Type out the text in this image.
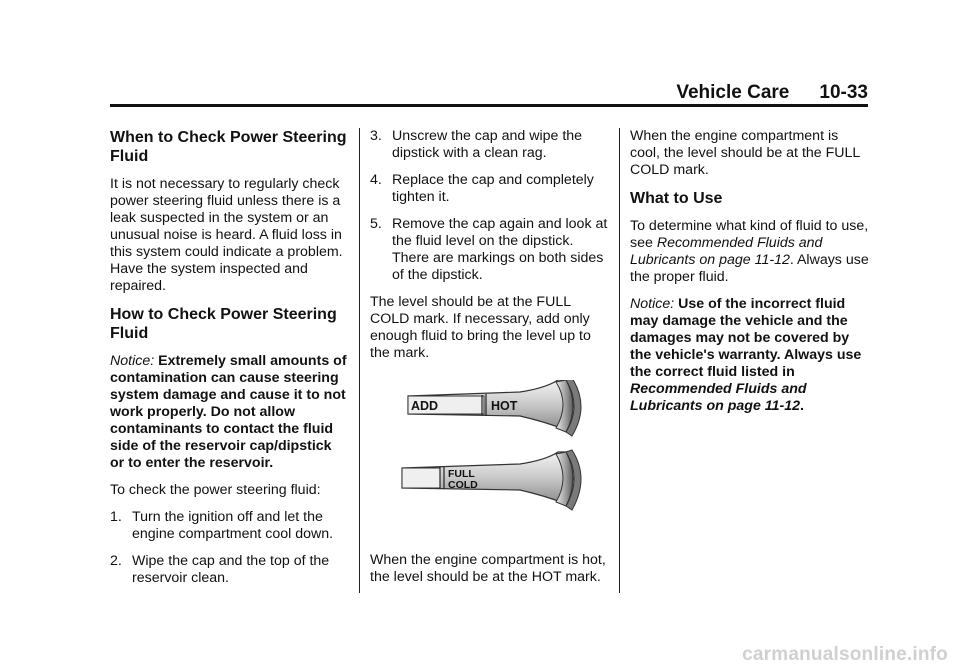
Vehicle Care 10-33
When to Check Power Steering Fluid

It is not necessary to regularly check power steering fluid unless there is a leak suspected in the system or an unusual noise is heard. A fluid loss in this system could indicate a problem. Have the system inspected and repaired.

How to Check Power Steering Fluid

Notice: Extremely small amounts of contamination can cause steering system damage and cause it to not work properly. Do not allow contaminants to contact the fluid side of the reservoir cap/dipstick or to enter the reservoir.

To check the power steering fluid:

1. Turn the ignition off and let the engine compartment cool down.
2. Wipe the cap and the top of the reservoir clean.
3. Unscrew the cap and wipe the dipstick with a clean rag.
4. Replace the cap and completely tighten it.
5. Remove the cap again and look at the fluid level on the dipstick. There are markings on both sides of the dipstick.

The level should be at the FULL COLD mark. If necessary, add only enough fluid to bring the level up to the mark.

ADD	HOT
FULL
COLD

When the engine compartment is hot, the level should be at the HOT mark.

When the engine compartment is cool, the level should be at the FULL COLD mark.

What to Use

To determine what kind of fluid to use, see Recommended Fluids and Lubricants on page 11-12. Always use the proper fluid.

Notice: Use of the incorrect fluid may damage the vehicle and the damages may not be covered by the vehicle's warranty. Always use the correct fluid listed in Recommended Fluids and Lubricants on page 11-12.

carmanualsonline.info
